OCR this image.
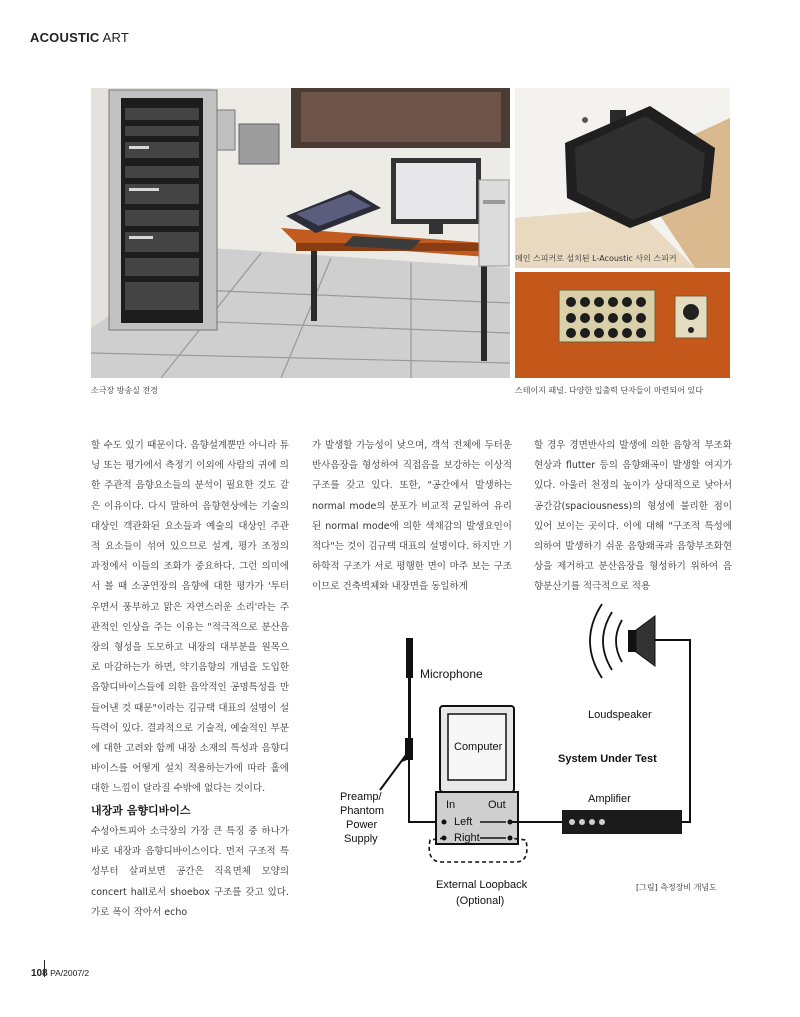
ACOUSTIC ART
소극장 방송실 전경
메인 스피커로 설치된 L-Acoustic 사의 스피커
스테이지 패널. 다양한 입출력 단자들이 마련되어 있다

할 수도 있기 때문이다. 음향설계뿐만 아니라 튜닝 또는 평가에서 측정기 이외에 사람의 귀에 의한 주관적 음향요소들의 분석이 필요한 것도 같은 이유이다. 다시 말하여 음향현상에는 기술의 대상인 객관화된 요소들과 예술의 대상인 주관적 요소들이 섞여 있으므로 설계, 평가 조정의 과정에서 이들의 조화가 중요하다. 그런 의미에서 볼 때 소공연장의 음향에 대한 평가가 '투터우면서 풍부하고 맑은 자연스러운 소리'라는 주관적인 인상을 주는 이유는 "적극적으로 분산음장의 형성을 도모하고 내장의 대부분을 원목으로 마감하는가 하면, 약기음향의 개념을 도입한 음향디바이스들에 의한 음악적인 공명특성을 만들어낸 것 때문"이라는 김규택 대표의 설명이 설득력이 있다. 결과적으로 기술적, 예술적인 부분에 대한 고려와 함께 내장 소재의 특성과 음향디바이스를 어떻게 설치 적용하는가에 따라 홀에 대한 느낌이 달라질 수밖에 없다는 것이다.

가 발생할 가능성이 낮으며, 객석 전체에 두터운 반사음장을 형성하여 직접음을 보강하는 이상적 구조를 갖고 있다. 또한, "공간에서 발생하는 normal mode의 분포가 비교적 균일하여 유리된 normal mode에 의한 색채감의 발생요인이 적다"는 것이 김규택 대표의 설명이다. 하지만 기하학적 구조가 서로 평행한 면이 마주 보는 구조이므로 건축벽체와 내장면을 동일하게

할 경우 경면반사의 발생에 의한 음향적 부조화현상과 flutter 등의 음향왜곡이 발생할 여지가 있다. 아울러 천정의 높이가 상대적으로 낮아서 공간감(spaciousness)의 형성에 불리한 점이 있어 보이는 곳이다. 이에 대해 "구조적 특성에 의하여 발생하기 쉬운 음향왜곡과 음향부조화현상을 제거하고 분산음장을 형성하기 위하여 음향분산기를 적극적으로 적용

내장과 음향디바이스

수성아트피아 소극장의 가장 큰 특징 중 하나가 바로 내장과 음향디바이스이다. 먼저 구조적 특성부터 살펴보면 공간은 직육면체 모양의 concert hall로서 shoebox 구조를 갖고 있다. 가로 폭이 작아서 echo

Microphone
Preamp/
Phantom
Power
Supply
Computer
In	Out
Left
Right
External Loopback
(Optional)
Amplifier
System Under Test
Loudspeaker
[그림] 측정장비 개념도
108 PA/2007/2
